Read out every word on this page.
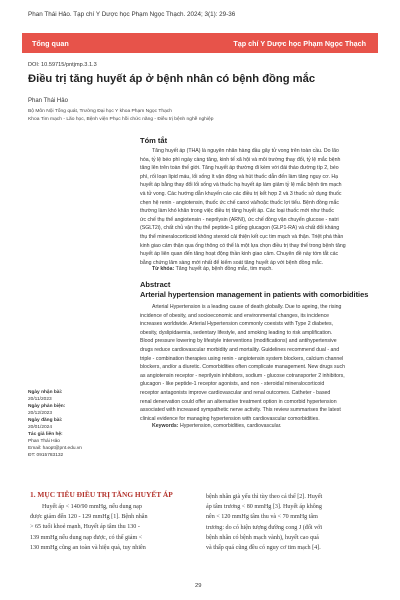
Phan Thái Hảo. Tạp chí Y Dược học Phạm Ngọc Thạch. 2024; 3(1): 29-36
Tổng quan	Tạp chí Y Dược học Phạm Ngọc Thạch
DOI: 10.59715/pntjmp.3.1.3
Điều trị tăng huyết áp ở bệnh nhân có bệnh đồng mắc
Phan Thái Hảo
Bộ Môn Nội Tổng quát, Trường Đại học Y khoa Phạm Ngọc Thạch
Khoa Tim mạch - Lão học, Bệnh viện Phục hồi chức năng - Điều trị bệnh nghề nghiệp
Tóm tắt
Tăng huyết áp (THA) là nguyên nhân hàng đầu gây tử vong trên toàn cầu. Do lão
hóa, tỷ lệ béo phì ngày càng tăng, kinh tế xã hội và môi trường thay đổi, tỷ lệ mắc bệnh
tăng lên trên toàn thế giới. Tăng huyết áp thường đi kèm với đái tháo đường típ 2, béo
phì, rối loạn lipid máu, lối sống ít vận động và hút thuốc dẫn đến làm tăng nguy cơ. Hạ
huyết áp bằng thay đổi lối sống và thuốc hạ huyết áp làm giảm tỷ lệ mắc bệnh tim mạch
và tử vong. Các hướng dẫn khuyến cáo các điều trị kết hợp 2 và 3 thuốc sử dụng thuốc
chẹn hệ renin - angiotensin, thuốc ức chế canxi và/hoặc thuốc lợi tiểu. Bệnh đồng mắc
thường làm khó khăn trong việc điều trị tăng huyết áp. Các loại thuốc mới như thuốc
ức chế thụ thể angiotensin - neprilysin (ARNI), ức chế đồng vận chuyển glucose - natri
(SGLT2i), chất chủ vận thụ thể peptide-1 giống glucagon (GLP1-RA) và chất đối kháng
thụ thể mineralocorticoid không steroid cải thiện kết cục tim mạch và thận. Triệt phá thần
kinh giao cảm thận qua ống thông có thể là một lựa chọn điều trị thay thế trong bệnh tăng
huyết áp liên quan đến tăng hoạt động thần kinh giao cảm. Chuyên đề này tóm tắt các
bằng chứng lâm sàng mới nhất để kiểm soát tăng huyết áp với bệnh đồng mắc.
Từ khóa: Tăng huyết áp, bệnh đồng mắc, tim mạch.
Abstract
Arterial hypertension management in patients with comorbidities
Arterial Hypertension is a leading cause of death globally. Due to ageing, the rising
incidence of obesity, and socioeconomic and environmental changes, its incidence
increases worldwide. Arterial Hypertension commonly coexists with Type 2 diabetes,
obesity, dyslipidaemia, sedentary lifestyle, and smoking leading to risk amplification.
Blood pressure lowering by lifestyle interventions (modifications) and antihypertensive
drugs reduce cardiovascular morbidity and mortality. Guidelines recommend dual - and
triple - combination therapies using renin - angiotensin system blockers, calcium channel
blockers, and/or a diuretic. Comorbidities often complicate management. New drugs such
as angiotensin receptor - neprilysin inhibitors, sodium - glucose cotransporter 2 inhibitors,
glucagon - like peptide-1 receptor agonists, and non - steroidal mineralocorticoid
receptor antagonists improve cardiovascular and renal outcomes. Catheter - based
renal denervation could offer an alternative treatment option in comorbid hypertension
associated with increased sympathetic nerve activity. This review summarises the latest
clinical evidence for managing hypertension with cardiovascular comorbidities.
Keywords: Hypertension, comorbidities, cardiovascular.
Ngày nhận bài:
20/11/2023
Ngày phản biện:
20/12/2023
Ngày đăng bài:
20/01/2024
Tác giả liên hệ:
Phan Thái Hảo
Email: haopt@pnt.edu.vn
ĐT: 0915783132
1. MỤC TIÊU ĐIỀU TRỊ TĂNG HUYẾT ÁP
Huyết áp < 140/90 mmHg, nếu dung nạp
được giảm đến 120 - 129 mmHg [1]. Bệnh nhân
> 65 tuổi khoẻ mạnh, Huyết áp tâm thu 130 -
139 mmHg nếu dung nạp được, có thể giảm <
130 mmHg cũng an toàn và hiệu quả, tuy nhiên
bệnh nhân già yếu thì tùy theo cá thể [2]. Huyết
áp tâm trương < 80 mmHg [3]. Huyết áp không
nên < 120 mmHg tâm thu và < 70 mmHg tâm
trương: do có hiện tượng đường cong J (đối với
bệnh nhân có bệnh mạch vành), huyết cao quá
và thấp quá cũng đều có nguy cơ tim mạch [4].
29
